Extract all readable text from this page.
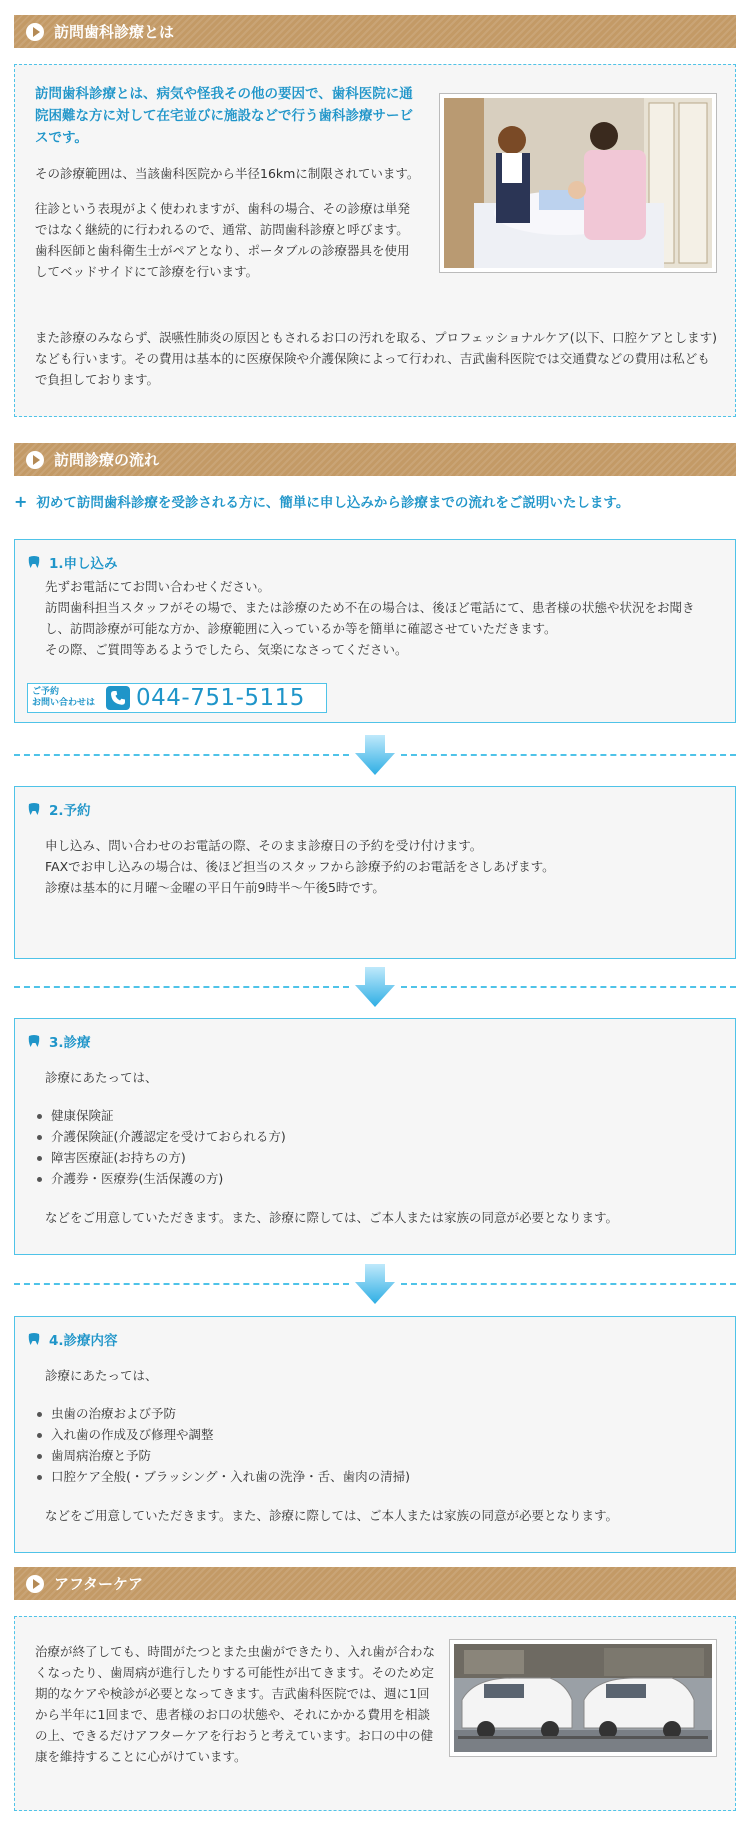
訪問歯科診療とは
訪問歯科診療とは、病気や怪我その他の要因で、歯科医院に通院困難な方に対して在宅並びに施設などで行う歯科診療サービスです。
その診療範囲は、当該歯科医院から半径16kmに制限されています。
往診という表現がよく使われますが、歯科の場合、その診療は単発ではなく継続的に行われるので、通常、訪問歯科診療と呼びます。歯科医師と歯科衛生士がペアとなり、ポータブルの診療器具を使用してベッドサイドにて診療を行います。
また診療のみならず、誤嚥性肺炎の原因ともされるお口の汚れを取る、プロフェッショナルケア(以下、口腔ケアとします)なども行います。その費用は基本的に医療保険や介護保険によって行われ、吉武歯科医院では交通費などの費用は私どもで負担しております。
訪問診療の流れ
+ 初めて訪問歯科診療を受診される方に、簡単に申し込みから診療までの流れをご説明いたします。
1.申し込み
先ずお電話にてお問い合わせください。
訪問歯科担当スタッフがその場で、または診療のため不在の場合は、後ほど電話にて、患者様の状態や状況をお聞きし、訪問診療が可能な方か、診療範囲に入っているか等を簡単に確認させていただきます。
その際、ご質問等あるようでしたら、気楽になさってください。
ご予約
お問い合わせは	044-751-5115
2.予約
申し込み、問い合わせのお電話の際、そのまま診療日の予約を受け付けます。
FAXでお申し込みの場合は、後ほど担当のスタッフから診療予約のお電話をさしあげます。
診療は基本的に月曜〜金曜の平日午前9時半〜午後5時です。
3.診療
診療にあたっては、
健康保険証
介護保険証(介護認定を受けておられる方)
障害医療証(お持ちの方)
介護券・医療券(生活保護の方)
などをご用意していただきます。また、診療に際しては、ご本人または家族の同意が必要となります。
4.診療内容
診療にあたっては、
虫歯の治療および予防
入れ歯の作成及び修理や調整
歯周病治療と予防
口腔ケア全般(・ブラッシング・入れ歯の洗浄・舌、歯肉の清掃)
などをご用意していただきます。また、診療に際しては、ご本人または家族の同意が必要となります。
アフターケア
治療が終了しても、時間がたつとまた虫歯ができたり、入れ歯が合わなくなったり、歯周病が進行したりする可能性が出てきます。そのため定期的なケアや検診が必要となってきます。吉武歯科医院では、週に1回から半年に1回まで、患者様のお口の状態や、それにかかる費用を相談の上、できるだけアフターケアを行おうと考えています。お口の中の健康を維持することに心がけています。
